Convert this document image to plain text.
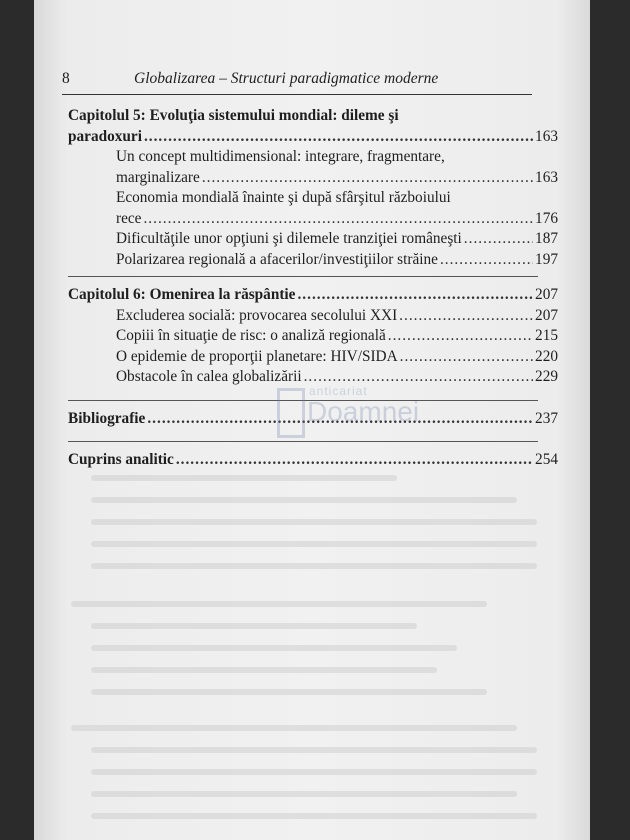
8	Globalizarea – Structuri paradigmatice moderne
Capitolul 5: Evoluţia sistemului mondial: dileme şi
paradoxuri .....	163
Un concept multidimensional: integrare, fragmentare,
marginalizare .....	163
Economia mondială înainte şi după sfârşitul războiului
rece .....	176
Dificultăţile unor opţiuni şi dilemele tranziţiei româneşti .....	187
Polarizarea regională a afacerilor/investiţiilor străine .....	197
Capitolul 6: Omenirea la răspântie .....	207
Excluderea socială: provocarea secolului XXI .....	207
Copiii în situaţie de risc: o analiză regională .....	215
O epidemie de proporţii planetare: HIV/SIDA .....	220
Obstacole în calea globalizării .....	229
Bibliografie .....	237
Cuprins analitic .....	254
anticariat
Doamnei
